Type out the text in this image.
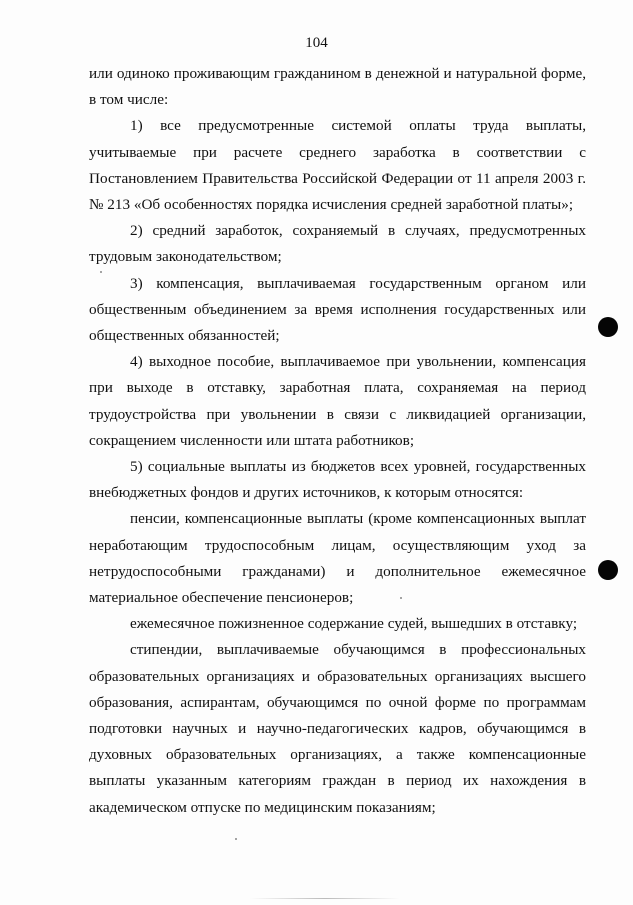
104

или одиноко проживающим гражданином в денежной и натуральной форме, в том числе:

1) все предусмотренные системой оплаты труда выплаты, учитываемые при расчете среднего заработка в соответствии с Постановлением Правительства Российской Федерации от 11 апреля 2003 г. № 213 «Об особенностях порядка исчисления средней заработной платы»;

2) средний заработок, сохраняемый в случаях, предусмотренных трудовым законодательством;

3) компенсация, выплачиваемая государственным органом или общественным объединением за время исполнения государственных или общественных обязанностей;

4) выходное пособие, выплачиваемое при увольнении, компенсация при выходе в отставку, заработная плата, сохраняемая на период трудоустройства при увольнении в связи с ликвидацией организации, сокращением численности или штата работников;

5) социальные выплаты из бюджетов всех уровней, государственных внебюджетных фондов и других источников, к которым относятся:

пенсии, компенсационные выплаты (кроме компенсационных выплат неработающим трудоспособным лицам, осуществляющим уход за нетрудоспособными гражданами) и дополнительное ежемесячное материальное обеспечение пенсионеров;

ежемесячное пожизненное содержание судей, вышедших в отставку;

стипендии, выплачиваемые обучающимся в профессиональных образовательных организациях и образовательных организациях высшего образования, аспирантам, обучающимся по очной форме по программам подготовки научных и научно-педагогических кадров, обучающимся в духовных образовательных организациях, а также компенсационные выплаты указанным категориям граждан в период их нахождения в академическом отпуске по медицинским показаниям;
